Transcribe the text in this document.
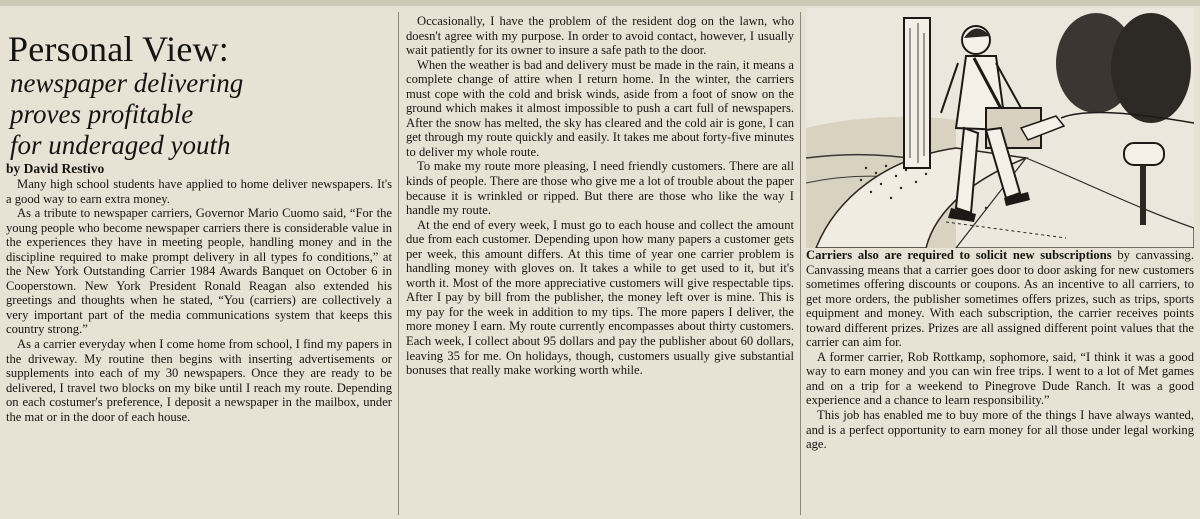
Personal View:
newspaper delivering
proves profitable
for underaged youth

by David Restivo

Many high school students have applied to home deliver newspapers. It's a good way to earn extra money.

As a tribute to newspaper carriers, Governor Mario Cuomo said, “For the young people who become newspaper carriers there is considerable value in the experiences they have in meeting people, handling money and in the discipline required to make prompt delivery in all types fo conditions,” at the New York Outstanding Carrier 1984 Awards Banquet on October 6 in Cooperstown. New York President Ronald Reagan also extended his greetings and thoughts when he stated, “You (carriers) are collectively a very important part of the media communications system that keeps this country strong.”

As a carrier everyday when I come home from school, I find my papers in the driveway. My routine then begins with inserting advertisements or supplements into each of my 30 newspapers. Once they are ready to be delivered, I travel two blocks on my bike until I reach my route. Depending on each costumer's preference, I deposit a newspaper in the mailbox, under the mat or in the door of each house.

Occasionally, I have the problem of the resident dog on the lawn, who doesn't agree with my purpose. In order to avoid contact, however, I usually wait patiently for its owner to insure a safe path to the door.

When the weather is bad and delivery must be made in the rain, it means a complete change of attire when I return home. In the winter, the carriers must cope with the cold and brisk winds, aside from a foot of snow on the ground which makes it almost impossible to push a cart full of newspapers. After the snow has melted, the sky has cleared and the cold air is gone, I can get through my route quickly and easily. It takes me about forty-five minutes to deliver my whole route.

To make my route more pleasing, I need friendly customers. There are all kinds of people. There are those who give me a lot of trouble about the paper because it is wrinkled or ripped. But there are those who like the way I handle my route.

At the end of every week, I must go to each house and collect the amount due from each customer. Depending upon how many papers a customer gets per week, this amount differs. At this time of year one carrier problem is handling money with gloves on. It takes a while to get used to it, but it's worth it. Most of the more appreciative customers will give respectable tips. After I pay by bill from the publisher, the money left over is mine. This is my pay for the week in addition to my tips. The more papers I deliver, the more money I earn. My route currently encompasses about thirty customers. Each week, I collect about 95 dollars and pay the publisher about 60 dollars, leaving 35 for me. On holidays, though, customers usually give substantial bonuses that really make working worth while.

Carriers also are required to solicit new subscriptions by canvassing. Canvassing means that a carrier goes door to door asking for new customers sometimes offering discounts or coupons. As an incentive to all carriers, to get more orders, the publisher sometimes offers prizes, such as trips, sports equipment and money. With each subscription, the carrier receives points toward different prizes. Prizes are all assigned different point values that the carrier can aim for.

A former carrier, Rob Rottkamp, sophomore, said, “I think it was a good way to earn money and you can win free trips. I went to a lot of Met games and on a trip for a weekend to Pinegrove Dude Ranch. It was a good experience and a chance to learn responsibility.”

This job has enabled me to buy more of the things I have always wanted, and is a perfect opportunity to earn money for all those under legal working age.
